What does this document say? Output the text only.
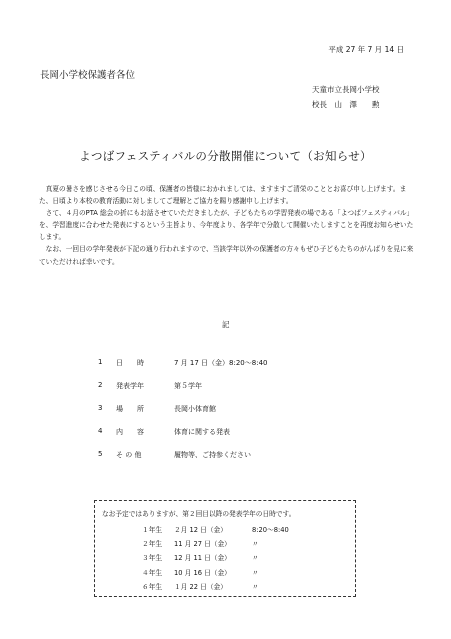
平成 27 年 7 月 14 日
長岡小学校保護者各位
天童市立長岡小学校
校長　山　澤　　勲
よつばフェスティバルの分散開催について（お知らせ）

　真夏の暑さを感じさせる今日この頃、保護者の皆様におかれましては、ますますご清栄のこととお喜び申し上げます。また、日頃より本校の教育活動に対しましてご理解とご協力を賜り感謝申し上げます。

　さて、４月のPTA 総会の折にもお話させていただきましたが、子どもたちの学習発表の場である「よつばフェスティバル」を、学習進度に合わせた発表にするという主旨より、今年度より、各学年で分散して開催いたしますことを再度お知らせいたします。

　なお、一回目の学年発表が下記の通り行われますので、当該学年以外の保護者の方々もぜひ子どもたちのがんばりを見に来ていただければ幸いです。

記
1 日　　時	7 月 17 日（金）8:20～8:40
2 発表学年	第５学年
3 場　　所	長岡小体育館
4 内　　容	体育に関する発表
5 そ の 他	履物等、ご持参ください
なお予定ではありますが、第２回目以降の発表学年の日時です。
１年生 ２月 12 日（金）	8:20～8:40
２年生 11 月 27 日（金）	〃
３年生 12 月 11 日（金）	〃
４年生 10 月 16 日（金）	〃
６年生 １月 22 日（金）	〃
